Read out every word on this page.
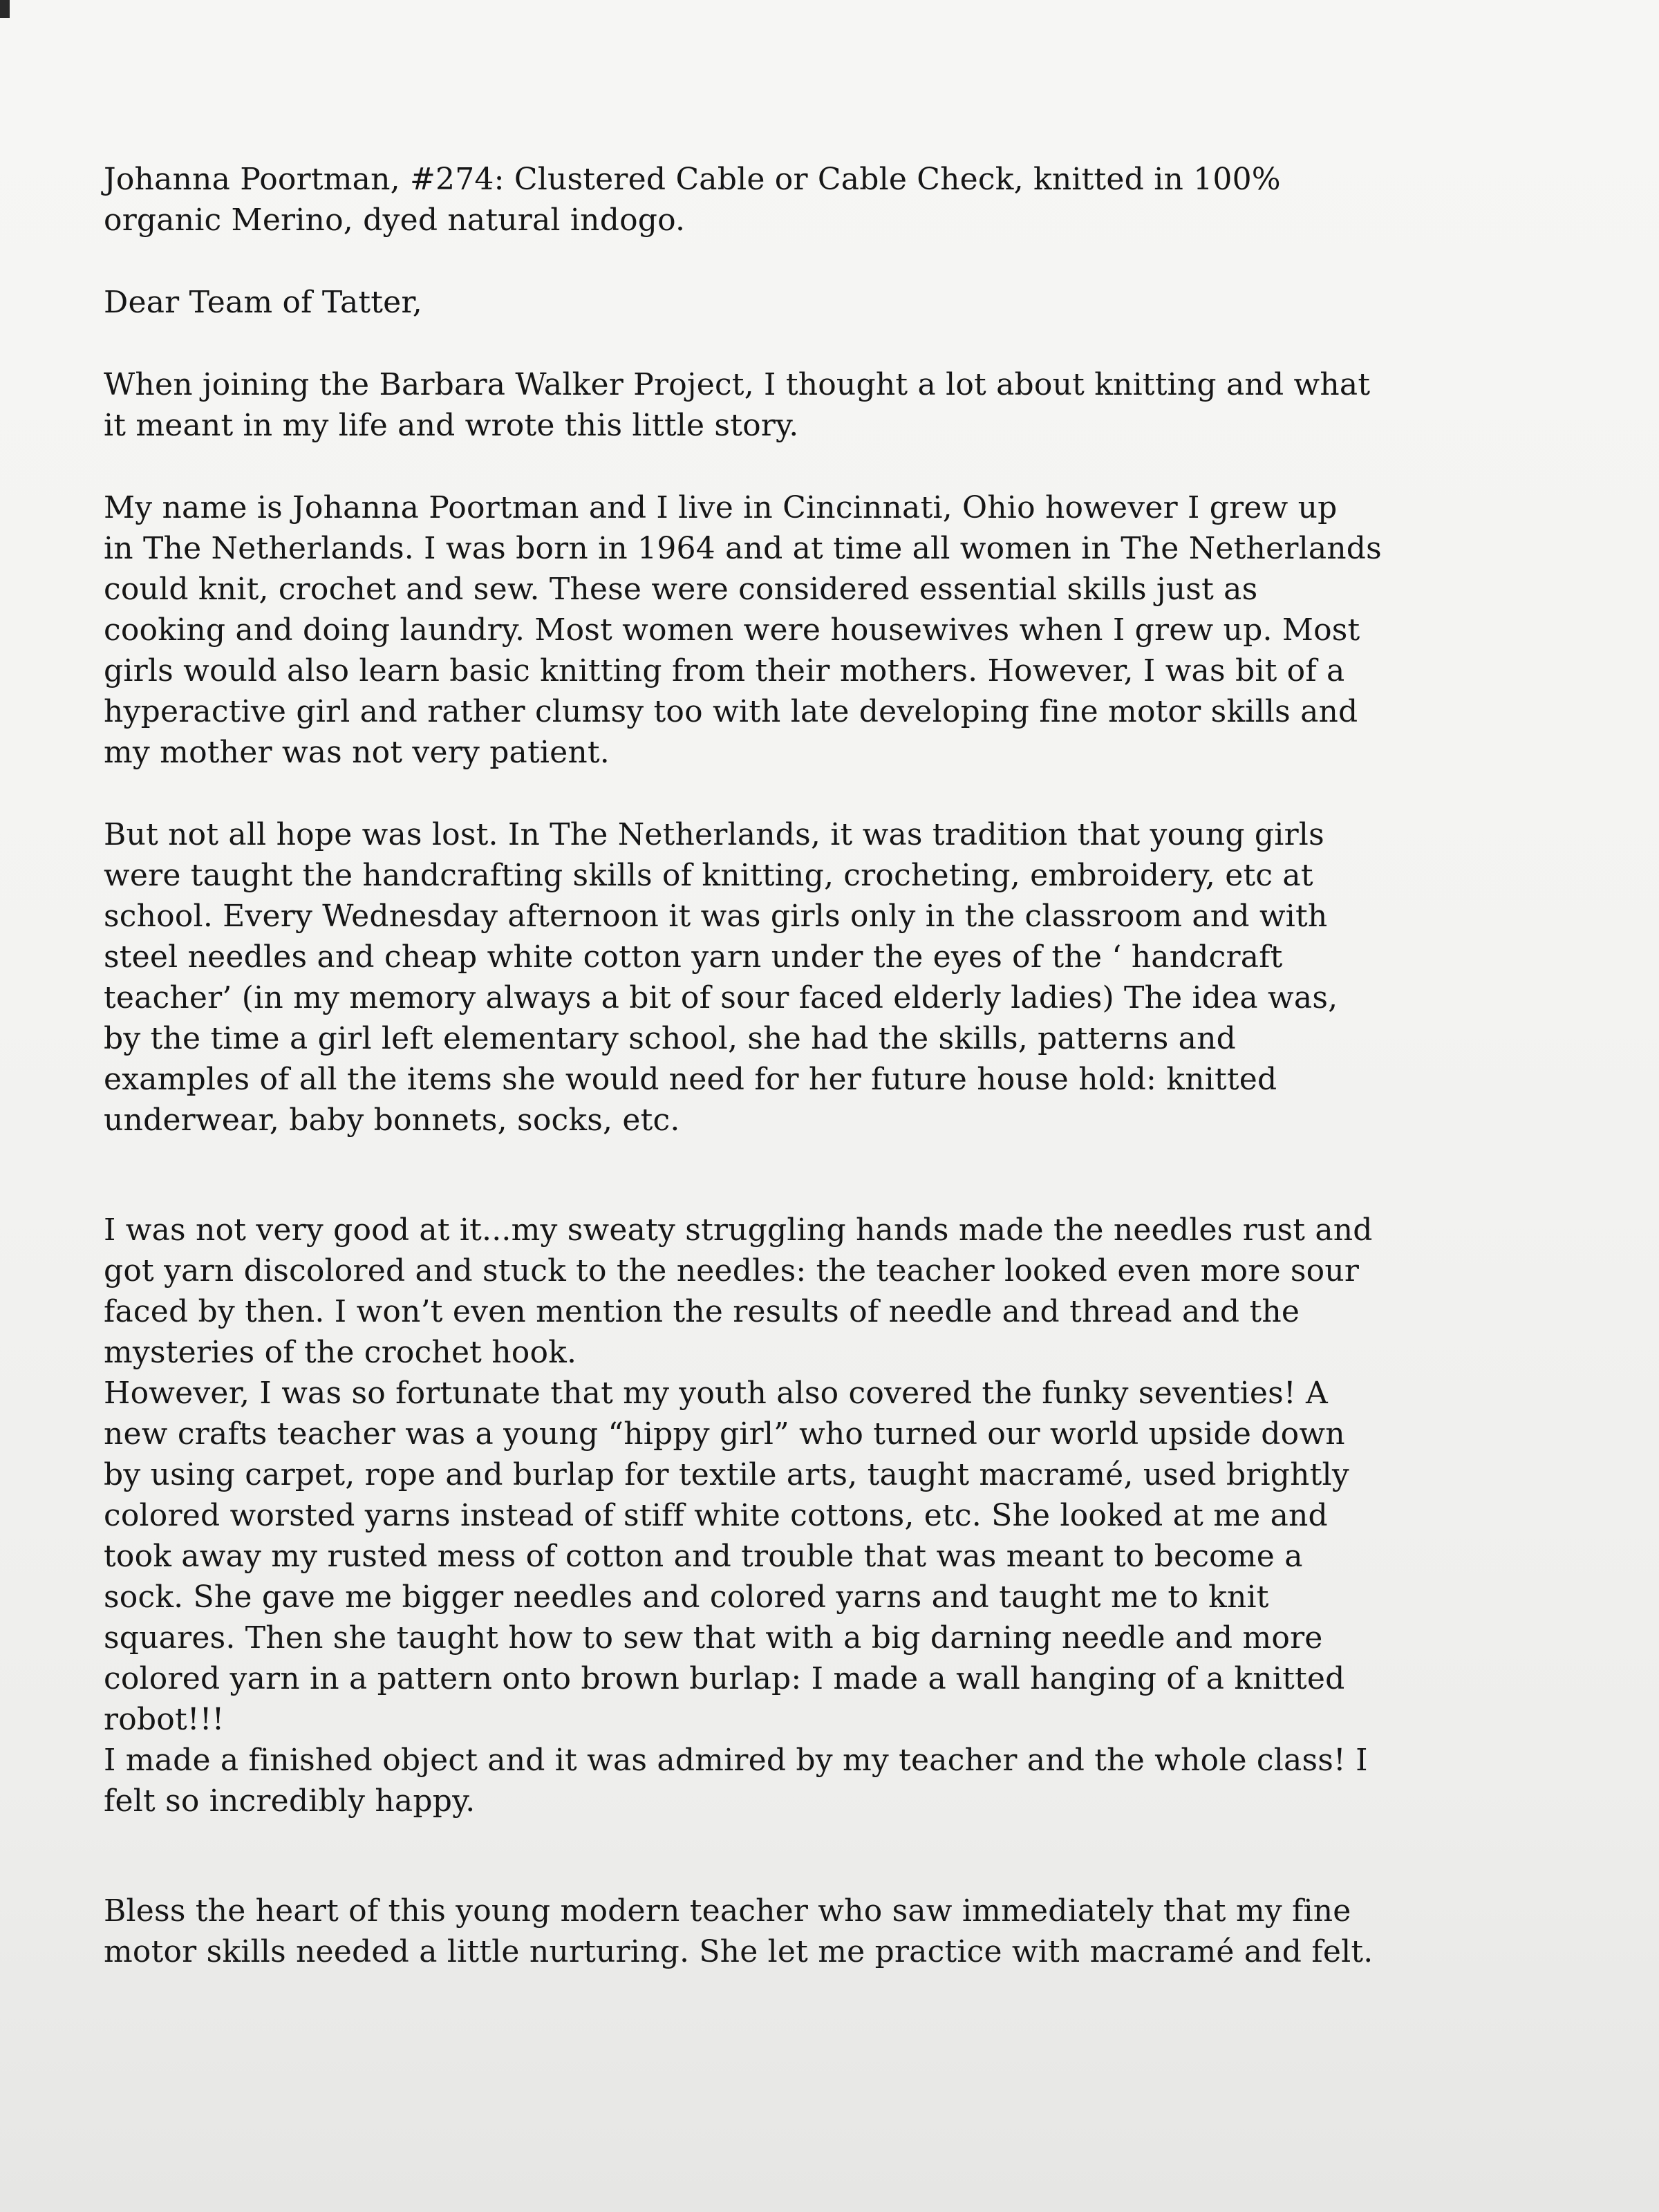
Johanna Poortman, #274: Clustered Cable or Cable Check, knitted in 100%
organic Merino, dyed natural indogo.

Dear Team of Tatter,

When joining the Barbara Walker Project, I thought a lot about knitting and what
it meant in my life and wrote this little story.

My name is Johanna Poortman and I live in Cincinnati, Ohio however I grew up
in The Netherlands. I was born in 1964 and at time all women in The Netherlands
could knit, crochet and sew. These were considered essential skills just as
cooking and doing laundry. Most women were housewives when I grew up. Most
girls would also learn basic knitting from their mothers. However, I was bit of a
hyperactive girl and rather clumsy too with late developing fine motor skills and
my mother was not very patient.

But not all hope was lost. In The Netherlands, it was tradition that young girls
were taught the handcrafting skills of knitting, crocheting, embroidery, etc at
school. Every Wednesday afternoon it was girls only in the classroom and with
steel needles and cheap white cotton yarn under the eyes of the ‘ handcraft
teacher’ (in my memory always a bit of sour faced elderly ladies) The idea was,
by the time a girl left elementary school, she had the skills, patterns and
examples of all the items she would need for her future house hold: knitted
underwear, baby bonnets, socks, etc.

I was not very good at it...my sweaty struggling hands made the needles rust and
got yarn discolored and stuck to the needles: the teacher looked even more sour
faced by then. I won’t even mention the results of needle and thread and the
mysteries of the crochet hook.

However, I was so fortunate that my youth also covered the funky seventies! A
new crafts teacher was a young “hippy girl” who turned our world upside down
by using carpet, rope and burlap for textile arts, taught macramé, used brightly
colored worsted yarns instead of stiff white cottons, etc. She looked at me and
took away my rusted mess of cotton and trouble that was meant to become a
sock. She gave me bigger needles and colored yarns and taught me to knit
squares. Then she taught how to sew that with a big darning needle and more
colored yarn in a pattern onto brown burlap: I made a wall hanging of a knitted
robot!!!

I made a finished object and it was admired by my teacher and the whole class! I
felt so incredibly happy.

Bless the heart of this young modern teacher who saw immediately that my fine
motor skills needed a little nurturing. She let me practice with macramé and felt.
